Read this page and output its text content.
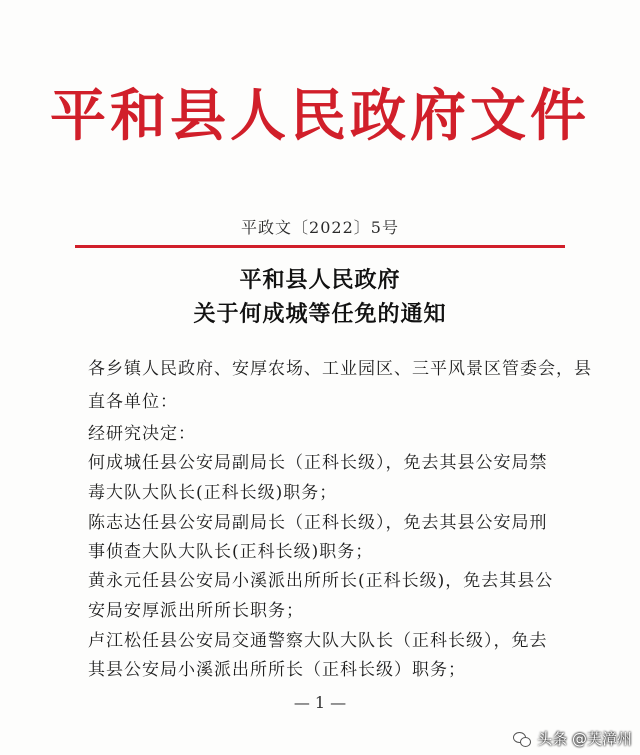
平和县人民政府文件
平政文〔2022〕5号
平和县人民政府
关于何成城等任免的通知
各乡镇人民政府、安厚农场、工业园区、三平风景区管委会，县
直各单位：
经研究决定：
何成城任县公安局副局长（正科长级），免去其县公安局禁
毒大队大队长(正科长级)职务；
陈志达任县公安局副局长（正科长级），免去其县公安局刑
事侦查大队大队长(正科长级)职务；
黄永元任县公安局小溪派出所所长(正科长级)，免去其县公
安局安厚派出所所长职务；
卢江松任县公安局交通警察大队大队长（正科长级），免去
其县公安局小溪派出所所长（正科长级）职务；
— 1 —
头条 @芙漳州
